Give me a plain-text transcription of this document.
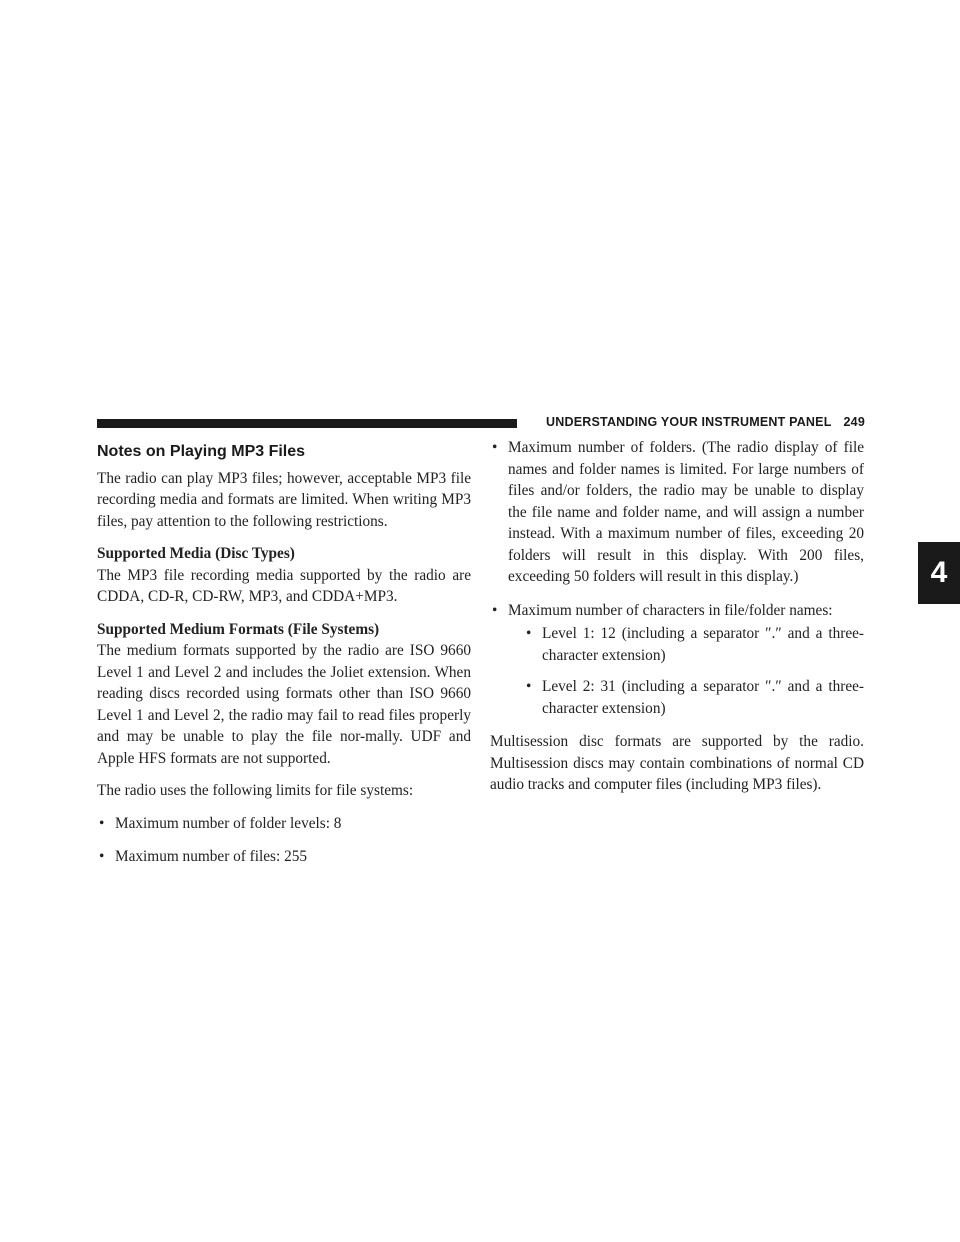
UNDERSTANDING YOUR INSTRUMENT PANEL 249
4
Notes on Playing MP3 Files

The radio can play MP3 files; however, acceptable MP3 file recording media and formats are limited. When writing MP3 files, pay attention to the following restrictions.

Supported Media (Disc Types)

The MP3 file recording media supported by the radio are CDDA, CD-R, CD-RW, MP3, and CDDA+MP3.

Supported Medium Formats (File Systems)

The medium formats supported by the radio are ISO 9660 Level 1 and Level 2 and includes the Joliet extension. When reading discs recorded using formats other than ISO 9660 Level 1 and Level 2, the radio may fail to read files properly and may be unable to play the file nor-mally. UDF and Apple HFS formats are not supported.

The radio uses the following limits for file systems:

• Maximum number of folder levels: 8
• Maximum number of files: 255
• Maximum number of folders. (The radio display of file names and folder names is limited. For large numbers of files and/or folders, the radio may be unable to display the file name and folder name, and will assign a number instead. With a maximum number of files, exceeding 20 folders will result in this display. With 200 files, exceeding 50 folders will result in this display.)
• Maximum number of characters in file/folder names:
• Level 1: 12 (including a separator ″.″ and a three-character extension)
• Level 2: 31 (including a separator ″.″ and a three-character extension)

Multisession disc formats are supported by the radio. Multisession discs may contain combinations of normal CD audio tracks and computer files (including MP3 files).
